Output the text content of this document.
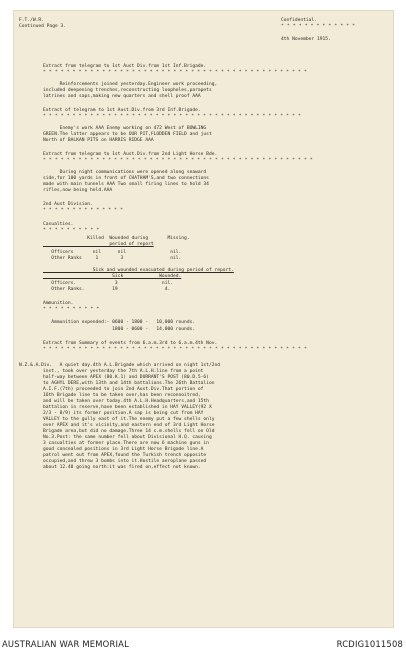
F.T./W.R.
Continued Page 3.
Confidential.
* * * * * * * * * * * * *
4th November 1915.
Extract from telegram to 1st Aust Div.from 1st Inf.Brigade.
* * * * * * * * * * * * * * * * * * * * * * * * * * * * * * * * * * * * * * * * * * * * *
Reinforcements joined yesterday.Engineer work proceeding,
included deepening trenches,reconstructing loopholes,parapets
latrines and saps,making new quarters and shell proof AAA
Extract of telegram to 1st Aust.Div.from 3rd Inf.Brigade.
* * * * * * * * * * * * * * * * * * * * * * * * * * * * * * * * * * * * * * * * * * * *
Enemy's work AAA Enemy working on 472 West of BOWLING
GREEN.The latter appears to be OUR PIT,FLODDEN FIELD and just
North of BALKAN PITS on HARRIS RIDGE AAA
Extract from telegram to 1st Aust.Div.from 2nd Light Horse Bde.
* * * * * * * * * * * * * * * * * * * * * * * * * * * * * * * * * * * * * * * * * * * * * *
During night communications were opened along seaward
side,for 100 yards in front of CHATHAM'S,and two connections
made with main tunnels AAA Two small firing lines to hold 34
rifles,now being held.AAA
2nd Aust Division.
* * * * * * * * * * * * * *
Casualties.
* * * * * * * * * *
Killed  Wounded during       Missing.
period of report
Officers       nil      nil                nil.
Other Ranks     1        3                 nil.
Sick and wounded evacuated during period of report.
Sick             Wounded.
Officers.              3                nil.
Other Ranks.          19                 4.
Ammunition.
* * * * * * * * * *
Ammunition expended:- 0600 - 1800 -   10,000 rounds.
1800 - 0600 -   14,000 rounds.
Extract from Summary of events from 6.a.m.3rd to 6.a.m.4th Nov.
* * * * * * * * * * * * * * * * * * * * * * * * * * * * * * * * * * * * * * * * * * * * *
N.Z.&.A.Div.
A quiet day.4th A.L.Brigade which arrived on night 1st/2nd
inst., took over yesterday the 7th A.L.H.line from a point
half-way between APEX (80.K.1) and DURRANT'S POST (80.D.5-6)
to AGHYL DERE,with 13th and 14th battalions.The 26th Battalion
A.I.F.(7th) proceeded to join 2nd Aust.Div.That portion of
16th Brigade line to be taken over,has been reconnoitred,
and will be taken over today.4th A.L.H.Headquarters,and 15th
battalion in reserve,have been established in HAY VALLEY(92 X
2/3 - 8/9) its former position.A sap is being cut from HAY
VALLEY to the gully east of it.The enemy put a few shells only
over APEX and it's vicinity,and eastern end of 3rd Light Horse
Brigade area,but did no damage.Three 14 c.m.shells fell on Old
No.3.Post: the same number fell about Divisional H.Q. causing
3 casualties at former place.There are now 6 machine guns in
good concealed positions in 3rd Light Horse Brigade line.A
patrol went out from APEX,found the Turkish trench opposite
occupied,and threw 3 bombs into it.Hostile aeroplane passed
about 12.40 going north:it was fired on,effect not known.
AUSTRALIAN WAR MEMORIAL	RCDIG1011508
